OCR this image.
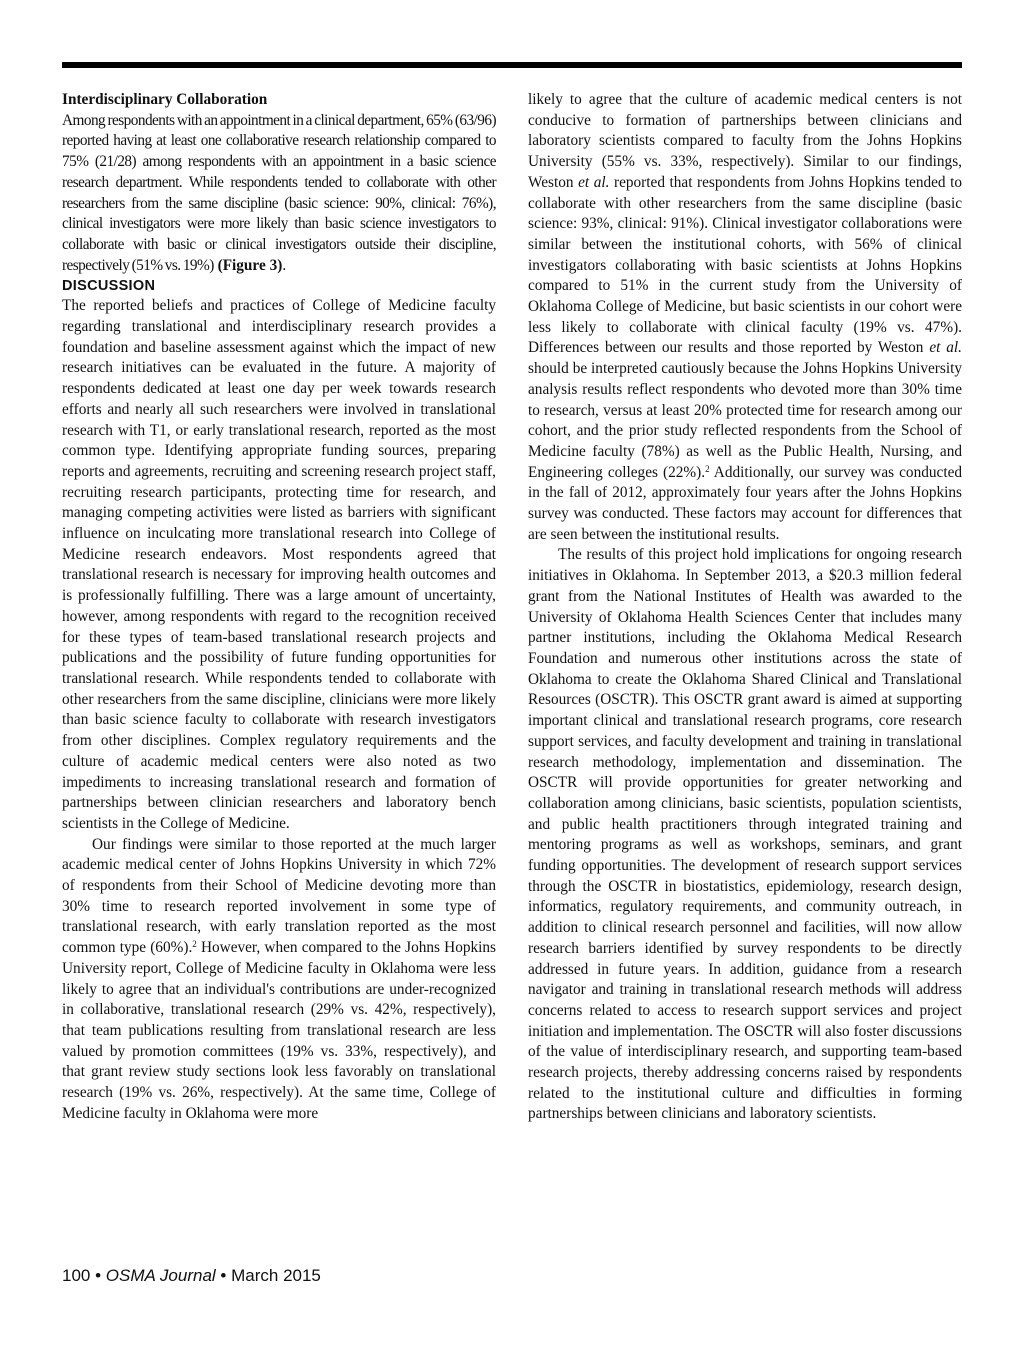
Interdisciplinary Collaboration

Among respondents with an appointment in a clinical department, 65% (63/96) reported having at least one collaborative research relationship compared to 75% (21/28) among respondents with an appointment in a basic science research department. While respondents tended to collaborate with other researchers from the same discipline (basic science: 90%, clinical: 76%), clinical investigators were more likely than basic science investigators to collaborate with basic or clinical investigators outside their discipline, respectively (51% vs. 19%) (Figure 3).

DISCUSSION

The reported beliefs and practices of College of Medicine faculty regarding translational and interdisciplinary research provides a foundation and baseline assessment against which the impact of new research initiatives can be evaluated in the future. A majority of respondents dedicated at least one day per week towards research efforts and nearly all such researchers were involved in translational research with T1, or early translational research, reported as the most common type. Identifying appropriate funding sources, preparing reports and agreements, recruiting and screening research project staff, recruiting research participants, protecting time for research, and managing competing activities were listed as barriers with significant influence on inculcating more translational research into College of Medicine research endeavors. Most respondents agreed that translational research is necessary for improving health outcomes and is professionally fulfilling. There was a large amount of uncertainty, however, among respondents with regard to the recognition received for these types of team-based translational research projects and publications and the possibility of future funding opportunities for translational research. While respondents tended to collaborate with other researchers from the same discipline, clinicians were more likely than basic science faculty to collaborate with research investigators from other disciplines. Complex regulatory requirements and the culture of academic medical centers were also noted as two impediments to increasing translational research and formation of partnerships between clinician researchers and laboratory bench scientists in the College of Medicine.

Our findings were similar to those reported at the much larger academic medical center of Johns Hopkins University in which 72% of respondents from their School of Medicine devoting more than 30% time to research reported involvement in some type of translational research, with early translation reported as the most common type (60%).$^2$ However, when compared to the Johns Hopkins University report, College of Medicine faculty in Oklahoma were less likely to agree that an individual's contributions are under-recognized in collaborative, translational research (29% vs. 42%, respectively), that team publications resulting from translational research are less valued by promotion committees (19% vs. 33%, respectively), and that grant review study sections look less favorably on translational research (19% vs. 26%, respectively). At the same time, College of Medicine faculty in Oklahoma were more

likely to agree that the culture of academic medical centers is not conducive to formation of partnerships between clinicians and laboratory scientists compared to faculty from the Johns Hopkins University (55% vs. 33%, respectively). Similar to our findings, Weston et al. reported that respondents from Johns Hopkins tended to collaborate with other researchers from the same discipline (basic science: 93%, clinical: 91%). Clinical investigator collaborations were similar between the institutional cohorts, with 56% of clinical investigators collaborating with basic scientists at Johns Hopkins compared to 51% in the current study from the University of Oklahoma College of Medicine, but basic scientists in our cohort were less likely to collaborate with clinical faculty (19% vs. 47%). Differences between our results and those reported by Weston et al. should be interpreted cautiously because the Johns Hopkins University analysis results reflect respondents who devoted more than 30% time to research, versus at least 20% protected time for research among our cohort, and the prior study reflected respondents from the School of Medicine faculty (78%) as well as the Public Health, Nursing, and Engineering colleges (22%).$^2$ Additionally, our survey was conducted in the fall of 2012, approximately four years after the Johns Hopkins survey was conducted. These factors may account for differences that are seen between the institutional results.

The results of this project hold implications for ongoing research initiatives in Oklahoma. In September 2013, a $20.3 million federal grant from the National Institutes of Health was awarded to the University of Oklahoma Health Sciences Center that includes many partner institutions, including the Oklahoma Medical Research Foundation and numerous other institutions across the state of Oklahoma to create the Oklahoma Shared Clinical and Translational Resources (OSCTR). This OSCTR grant award is aimed at supporting important clinical and translational research programs, core research support services, and faculty development and training in translational research methodology, implementation and dissemination. The OSCTR will provide opportunities for greater networking and collaboration among clinicians, basic scientists, population scientists, and public health practitioners through integrated training and mentoring programs as well as workshops, seminars, and grant funding opportunities. The development of research support services through the OSCTR in biostatistics, epidemiology, research design, informatics, regulatory requirements, and community outreach, in addition to clinical research personnel and facilities, will now allow research barriers identified by survey respondents to be directly addressed in future years. In addition, guidance from a research navigator and training in translational research methods will address concerns related to access to research support services and project initiation and implementation. The OSCTR will also foster discussions of the value of interdisciplinary research, and supporting team-based research projects, thereby addressing concerns raised by respondents related to the institutional culture and difficulties in forming partnerships between clinicians and laboratory scientists.

100 • OSMA Journal • March 2015
